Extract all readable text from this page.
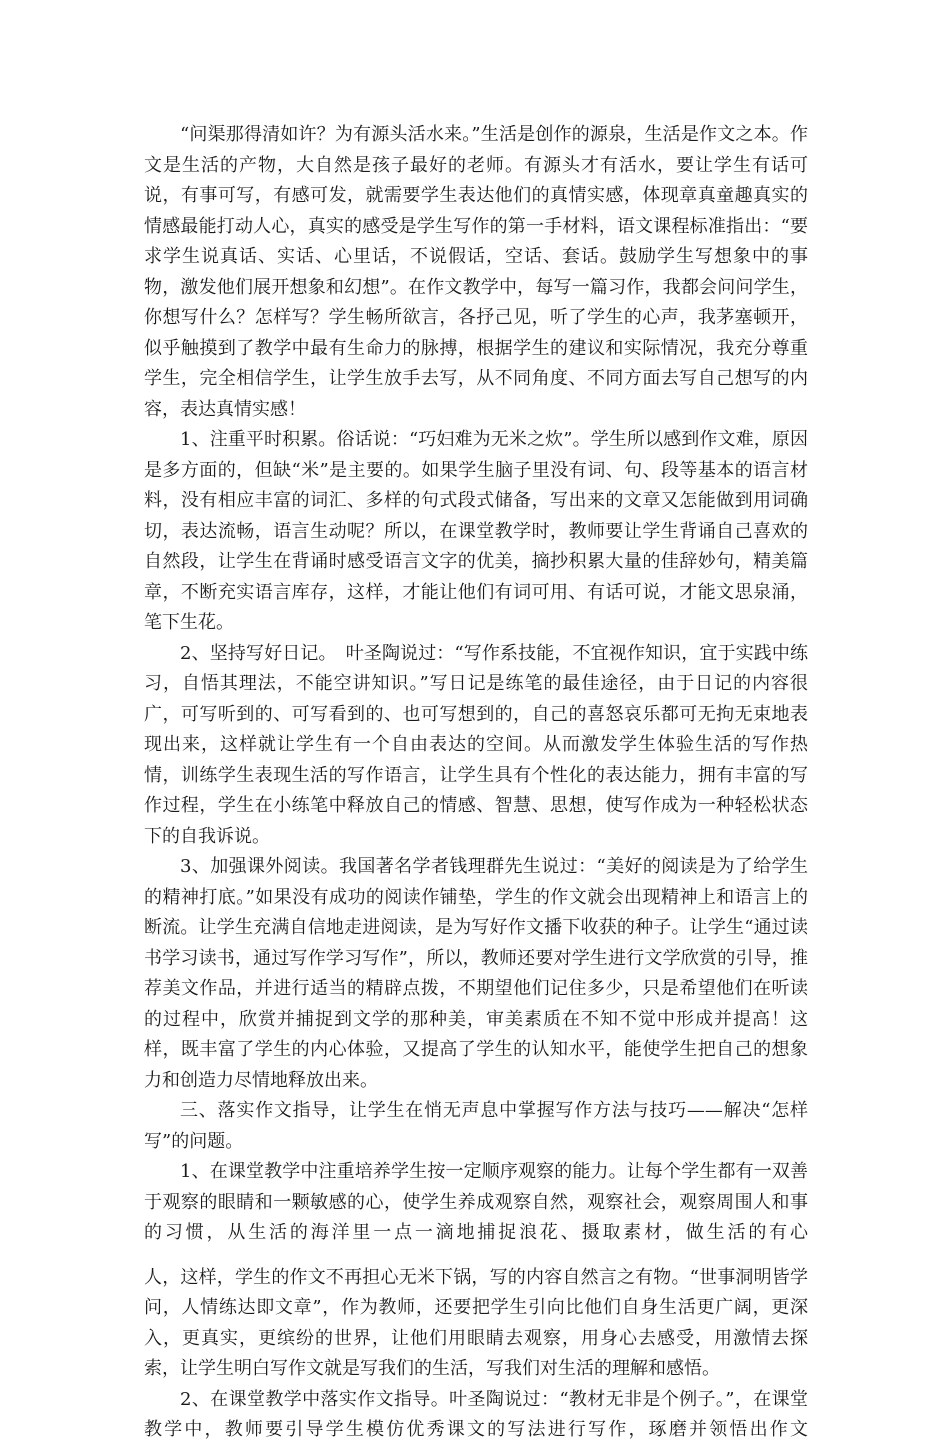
“问渠那得清如许？为有源头活水来。”生活是创作的源泉，生活是作文之本。作文是生活的产物，大自然是孩子最好的老师。有源头才有活水，要让学生有话可说，有事可写，有感可发，就需要学生表达他们的真情实感，体现章真童趣真实的情感最能打动人心，真实的感受是学生写作的第一手材料，语文课程标准指出：“要求学生说真话、实话、心里话，不说假话，空话、套话。鼓励学生写想象中的事物，激发他们展开想象和幻想”。在作文教学中，每写一篇习作，我都会问问学生，你想写什么？怎样写？学生畅所欲言，各抒己见，听了学生的心声，我茅塞顿开，似乎触摸到了教学中最有生命力的脉搏，根据学生的建议和实际情况，我充分尊重学生，完全相信学生，让学生放手去写，从不同角度、不同方面去写自己想写的内容，表达真情实感！

1、注重平时积累。俗话说：“巧妇难为无米之炊”。学生所以感到作文难，原因是多方面的，但缺“米”是主要的。如果学生脑子里没有词、句、段等基本的语言材料，没有相应丰富的词汇、多样的句式段式储备，写出来的文章又怎能做到用词确切，表达流畅，语言生动呢？所以，在课堂教学时，教师要让学生背诵自己喜欢的自然段，让学生在背诵时感受语言文字的优美，摘抄积累大量的佳辞妙句，精美篇章，不断充实语言库存，这样，才能让他们有词可用、有话可说，才能文思泉涌，笔下生花。

2、坚持写好日记。　叶圣陶说过：“写作系技能，不宜视作知识，宜于实践中练习，自悟其理法，不能空讲知识。”写日记是练笔的最佳途径，由于日记的内容很广，可写听到的、可写看到的、也可写想到的，自己的喜怒哀乐都可无拘无束地表现出来，这样就让学生有一个自由表达的空间。从而激发学生体验生活的写作热情，训练学生表现生活的写作语言，让学生具有个性化的表达能力，拥有丰富的写作过程，学生在小练笔中释放自己的情感、智慧、思想，使写作成为一种轻松状态下的自我诉说。

3、加强课外阅读。我国著名学者钱理群先生说过：“美好的阅读是为了给学生的精神打底。”如果没有成功的阅读作铺垫，学生的作文就会出现精神上和语言上的断流。让学生充满自信地走进阅读，是为写好作文播下收获的种子。让学生“通过读书学习读书，通过写作学习写作”，所以，教师还要对学生进行文学欣赏的引导，推荐美文作品，并进行适当的精辟点拨，不期望他们记住多少，只是希望他们在听读的过程中，欣赏并捕捉到文学的那种美，审美素质在不知不觉中形成并提高！这样，既丰富了学生的内心体验，又提高了学生的认知水平，能使学生把自己的想象力和创造力尽情地释放出来。

三、落实作文指导，让学生在悄无声息中掌握写作方法与技巧——解决“怎样写”的问题。

1、在课堂教学中注重培养学生按一定顺序观察的能力。让每个学生都有一双善于观察的眼睛和一颗敏感的心，使学生养成观察自然，观察社会，观察周围人和事的习惯，从生活的海洋里一点一滴地捕捉浪花、摄取素材，做生活的有心

人，这样，学生的作文不再担心无米下锅，写的内容自然言之有物。“世事洞明皆学问，人情练达即文章”，作为教师，还要把学生引向比他们自身生活更广阔，更深入，更真实，更缤纷的世界，让他们用眼睛去观察，用身心去感受，用激情去探索，让学生明白写作文就是写我们的生活，写我们对生活的理解和感悟。

2、在课堂教学中落实作文指导。叶圣陶说过：“教材无非是个例子。”，在课堂教学中，教师要引导学生模仿优秀课文的写法进行写作，琢磨并领悟出作文
